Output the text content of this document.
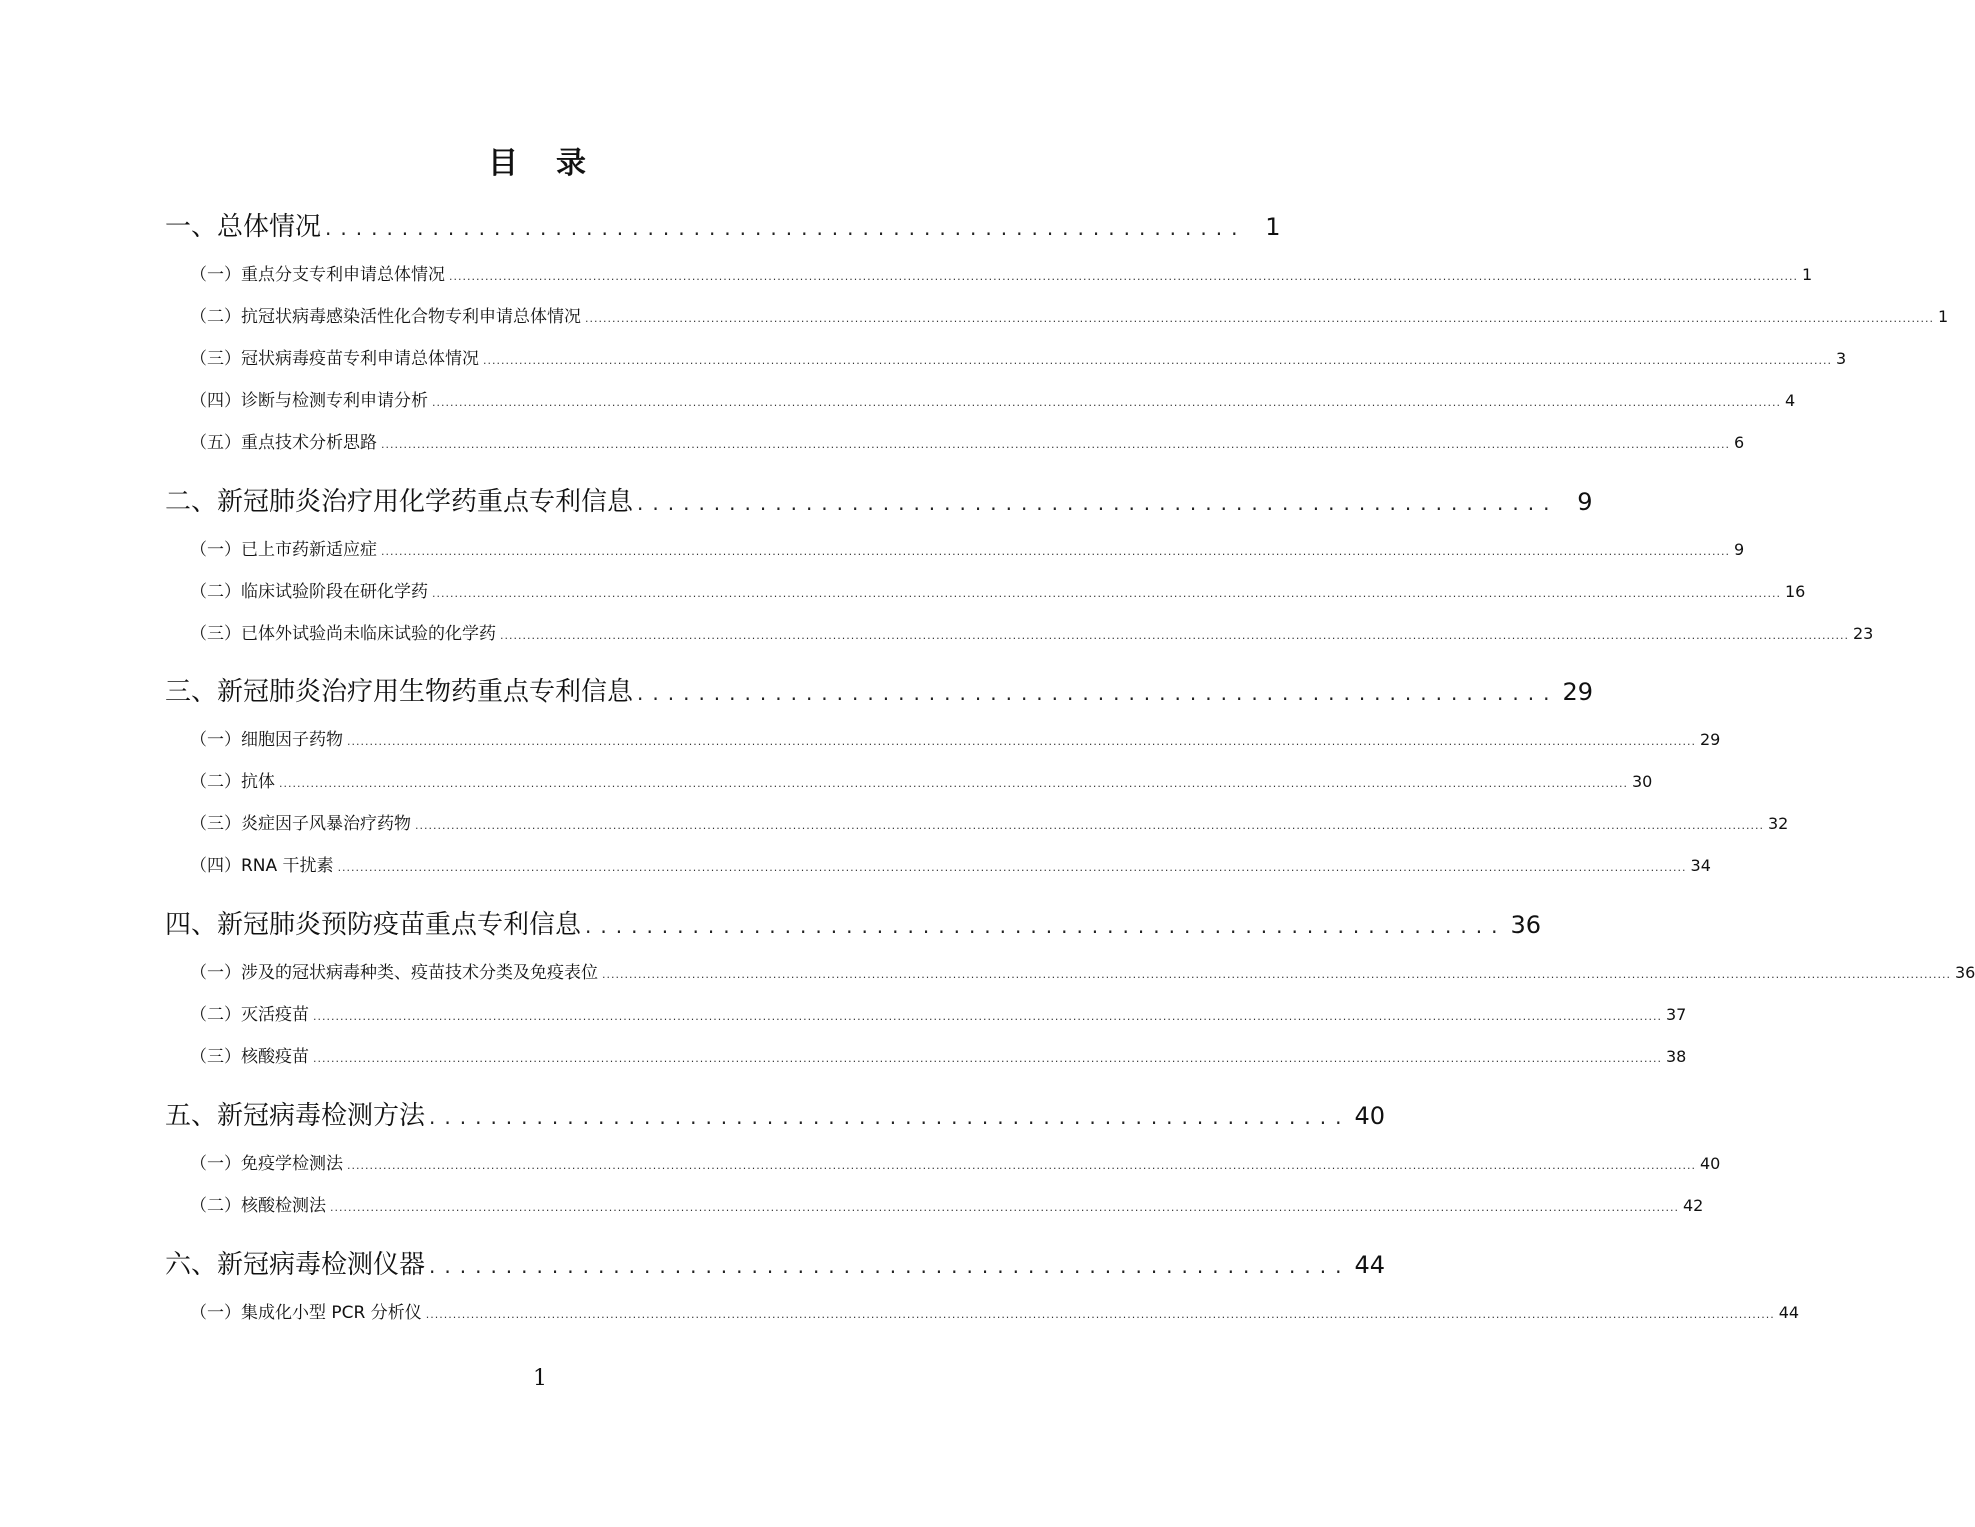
目 录
一、总体情况 ............................................................ 1
（一）重点分支专利申请总体情况 ............................................................................................................................................................................................................................................................................................................ 1
（二）抗冠状病毒感染活性化合物专利申请总体情况 ............................................................................................................................................................................................................................................................................................................ 1
（三）冠状病毒疫苗专利申请总体情况 ............................................................................................................................................................................................................................................................................................................ 3
（四）诊断与检测专利申请分析 ............................................................................................................................................................................................................................................................................................................ 4
（五）重点技术分析思路 ............................................................................................................................................................................................................................................................................................................ 6
二、新冠肺炎治疗用化学药重点专利信息 ............................................................ 9
（一）已上市药新适应症 ............................................................................................................................................................................................................................................................................................................ 9
（二）临床试验阶段在研化学药 ............................................................................................................................................................................................................................................................................................................ 16
（三）已体外试验尚未临床试验的化学药 ............................................................................................................................................................................................................................................................................................................ 23
三、新冠肺炎治疗用生物药重点专利信息 ............................................................ 29
（一）细胞因子药物 ............................................................................................................................................................................................................................................................................................................ 29
（二）抗体 ............................................................................................................................................................................................................................................................................................................ 30
（三）炎症因子风暴治疗药物 ............................................................................................................................................................................................................................................................................................................ 32
（四）RNA 干扰素 ............................................................................................................................................................................................................................................................................................................ 34
四、新冠肺炎预防疫苗重点专利信息 ............................................................ 36
（一）涉及的冠状病毒种类、疫苗技术分类及免疫表位 ............................................................................................................................................................................................................................................................................................................ 36
（二）灭活疫苗 ............................................................................................................................................................................................................................................................................................................ 37
（三）核酸疫苗 ............................................................................................................................................................................................................................................................................................................ 38
五、新冠病毒检测方法 ............................................................ 40
（一）免疫学检测法 ............................................................................................................................................................................................................................................................................................................ 40
（二）核酸检测法 ............................................................................................................................................................................................................................................................................................................ 42
六、新冠病毒检测仪器 ............................................................ 44
（一）集成化小型 PCR 分析仪 ............................................................................................................................................................................................................................................................................................................ 44
1
